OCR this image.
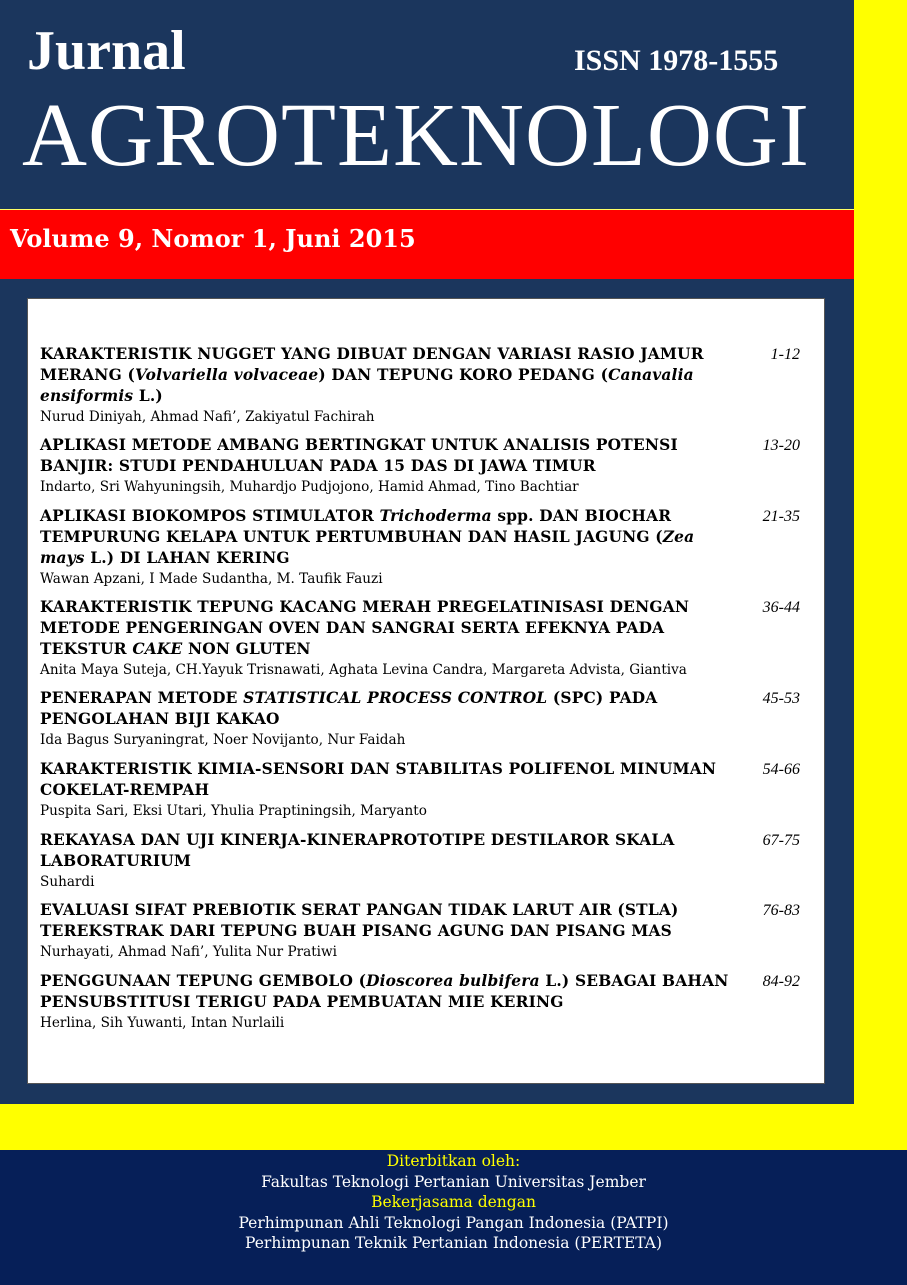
Jurnal	ISSN 1978-1555
AGROTEKNOLOGI
Volume 9, Nomor 1, Juni 2015
KARAKTERISTIK NUGGET YANG DIBUAT DENGAN VARIASI RASIO JAMUR MERANG (Volvariella volvaceae) DAN TEPUNG KORO PEDANG (Canavalia ensiformis L.)
Nurud Diniyah, Ahmad Nafi’, Zakiyatul Fachirah
1-12
APLIKASI METODE AMBANG BERTINGKAT UNTUK ANALISIS POTENSI BANJIR: STUDI PENDAHULUAN PADA 15 DAS DI JAWA TIMUR
Indarto, Sri Wahyuningsih, Muhardjo Pudjojono, Hamid Ahmad, Tino Bachtiar
13-20
APLIKASI BIOKOMPOS STIMULATOR Trichoderma spp. DAN BIOCHAR TEMPURUNG KELAPA UNTUK PERTUMBUHAN DAN HASIL JAGUNG (Zea mays L.) DI LAHAN KERING
Wawan Apzani, I Made Sudantha, M. Taufik Fauzi
21-35
KARAKTERISTIK TEPUNG KACANG MERAH PREGELATINISASI DENGAN METODE PENGERINGAN OVEN DAN SANGRAI SERTA EFEKNYA PADA TEKSTUR CAKE NON GLUTEN
Anita Maya Suteja, CH.Yayuk Trisnawati, Aghata Levina Candra, Margareta Advista, Giantiva
36-44
PENERAPAN METODE STATISTICAL PROCESS CONTROL (SPC) PADA PENGOLAHAN BIJI KAKAO
Ida Bagus Suryaningrat, Noer Novijanto, Nur Faidah
45-53
KARAKTERISTIK KIMIA-SENSORI DAN STABILITAS POLIFENOL MINUMAN COKELAT-REMPAH
Puspita Sari, Eksi Utari, Yhulia Praptiningsih, Maryanto
54-66
REKAYASA DAN UJI KINERJA-KINERAPROTOTIPE DESTILAROR SKALA LABORATURIUM
Suhardi
67-75
EVALUASI SIFAT PREBIOTIK SERAT PANGAN TIDAK LARUT AIR (STLA) TEREKSTRAK DARI TEPUNG BUAH PISANG AGUNG DAN PISANG MAS
Nurhayati, Ahmad Nafi’, Yulita Nur Pratiwi
76-83
PENGGUNAAN TEPUNG GEMBOLO (Dioscorea bulbifera L.) SEBAGAI BAHAN PENSUBSTITUSI TERIGU PADA PEMBUATAN MIE KERING
Herlina, Sih Yuwanti, Intan Nurlaili
84-92
Diterbitkan oleh:
Fakultas Teknologi Pertanian Universitas Jember
Bekerjasama dengan
Perhimpunan Ahli Teknologi Pangan Indonesia (PATPI)
Perhimpunan Teknik Pertanian Indonesia (PERTETA)
